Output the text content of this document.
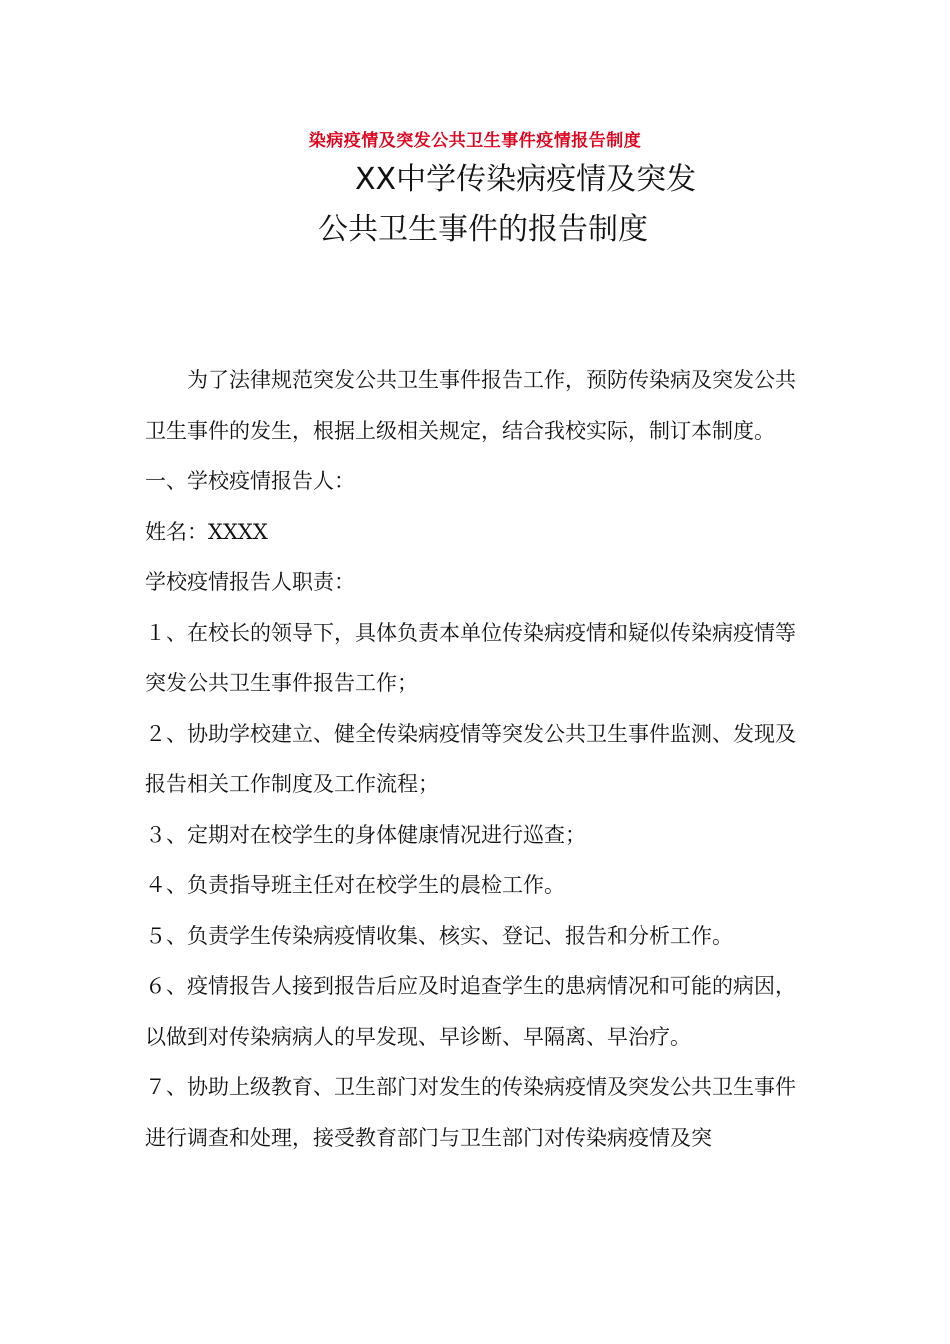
染病疫情及突发公共卫生事件疫情报告制度
XX中学传染病疫情及突发
公共卫生事件的报告制度

为了法律规范突发公共卫生事件报告工作，预防传染病及突发公共卫生事件的发生，根据上级相关规定，结合我校实际，制订本制度。

一、学校疫情报告人：

姓名：XXXX

学校疫情报告人职责：

１、在校长的领导下，具体负责本单位传染病疫情和疑似传染病疫情等突发公共卫生事件报告工作；

２、协助学校建立、健全传染病疫情等突发公共卫生事件监测、发现及报告相关工作制度及工作流程；

３、定期对在校学生的身体健康情况进行巡查；

４、负责指导班主任对在校学生的晨检工作。

５、负责学生传染病疫情收集、核实、登记、报告和分析工作。

６、疫情报告人接到报告后应及时追查学生的患病情况和可能的病因，以做到对传染病病人的早发现、早诊断、早隔离、早治疗。

７、协助上级教育、卫生部门对发生的传染病疫情及突发公共卫生事件进行调查和处理，接受教育部门与卫生部门对传染病疫情及突
